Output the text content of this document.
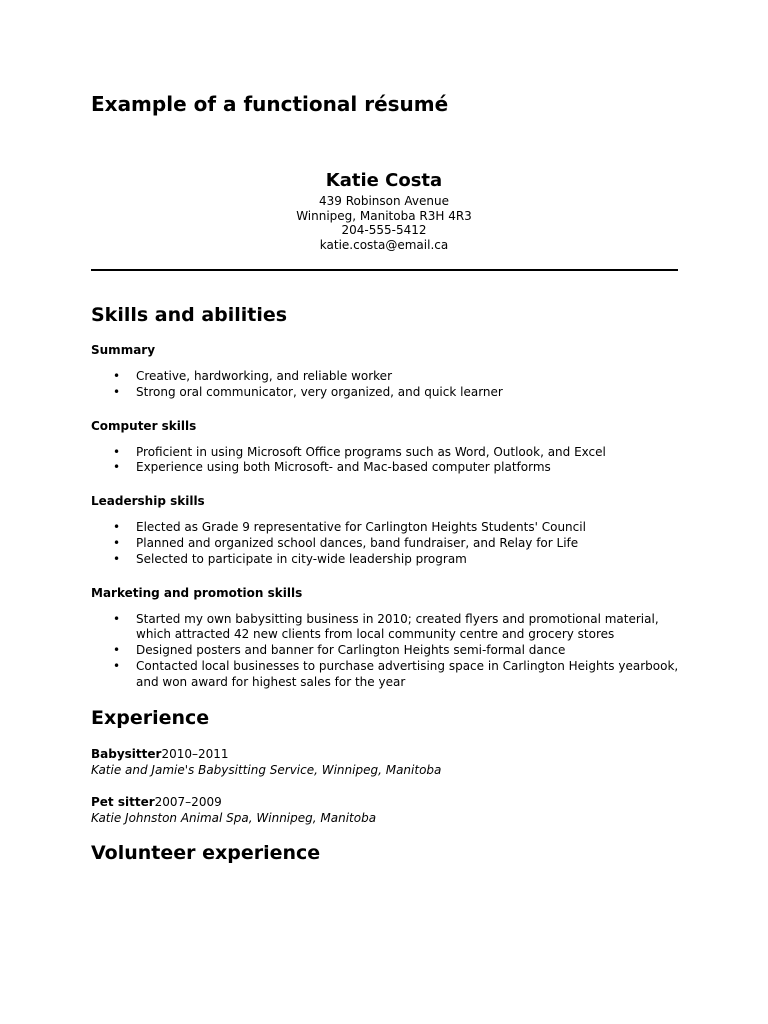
Example of a functional résumé
Katie Costa
439 Robinson Avenue
Winnipeg, Manitoba R3H 4R3
204-555-5412
katie.costa@email.ca
Skills and abilities
Summary
• Creative, hardworking, and reliable worker
• Strong oral communicator, very organized, and quick learner
Computer skills
• Proficient in using Microsoft Office programs such as Word, Outlook, and Excel
• Experience using both Microsoft- and Mac-based computer platforms
Leadership skills
• Elected as Grade 9 representative for Carlington Heights Students' Council
• Planned and organized school dances, band fundraiser, and Relay for Life
• Selected to participate in city-wide leadership program
Marketing and promotion skills
• Started my own babysitting business in 2010; created flyers and promotional material, which attracted 42 new clients from local community centre and grocery stores
• Designed posters and banner for Carlington Heights semi-formal dance
• Contacted local businesses to purchase advertising space in Carlington Heights yearbook, and won award for highest sales for the year
Experience
Babysitter2010–2011
Katie and Jamie's Babysitting Service, Winnipeg, Manitoba
Pet sitter2007–2009
Katie Johnston Animal Spa, Winnipeg, Manitoba
Volunteer experience
